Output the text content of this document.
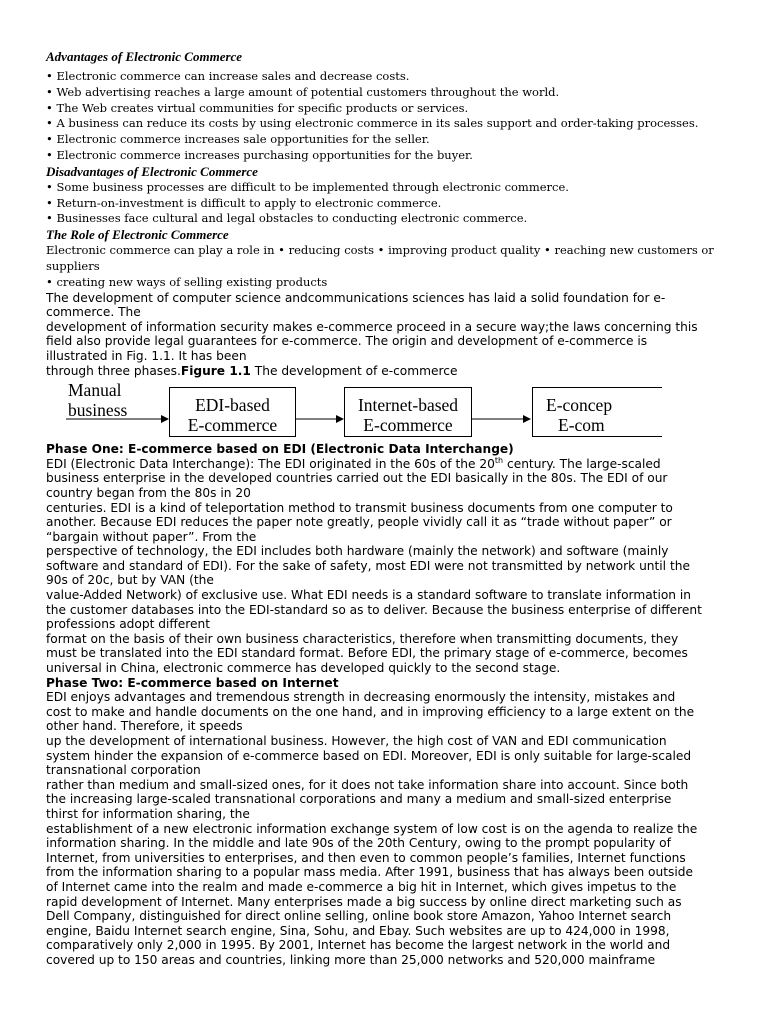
Advantages of Electronic Commerce

• Electronic commerce can increase sales and decrease costs.

• Web advertising reaches a large amount of potential customers throughout the world.

• The Web creates virtual communities for specific products or services.

• A business can reduce its costs by using electronic commerce in its sales support and order-taking processes.

• Electronic commerce increases sale opportunities for the seller.

• Electronic commerce increases purchasing opportunities for the buyer.

Disadvantages of Electronic Commerce

• Some business processes are difficult to be implemented through electronic commerce.

• Return-on-investment is difficult to apply to electronic commerce.

• Businesses face cultural and legal obstacles to conducting electronic commerce.

The Role of Electronic Commerce

Electronic commerce can play a role in • reducing costs • improving product quality • reaching new customers or suppliers

• creating new ways of selling existing products

The development of computer science andcommunications sciences has laid a solid foundation for e-

commerce. The

development of information security makes e-commerce proceed in a secure way;the laws concerning this

field also provide legal guarantees for e-commerce. The origin and development of e-commerce is

illustrated in Fig. 1.1. It has been

through three phases.Figure 1.1 The development of e-commerce

Manual
business	EDI-based
E-commerce
Internet-based
E-commerce
E-concep
E-com

Phase One: E-commerce based on EDI (Electronic Data Interchange)

EDI (Electronic Data Interchange): The EDI originated in the 60s of the 20th century. The large-scaled

business enterprise in the developed countries carried out the EDI basically in the 80s. The EDI of our

country began from the 80s in 20

centuries. EDI is a kind of teleportation method to transmit business documents from one computer to

another. Because EDI reduces the paper note greatly, people vividly call it as “trade without paper” or

“bargain without paper”. From the

perspective of technology, the EDI includes both hardware (mainly the network) and software (mainly

software and standard of EDI). For the sake of safety, most EDI were not transmitted by network until the

90s of 20c, but by VAN (the

value-Added Network) of exclusive use. What EDI needs is a standard software to translate information in

the customer databases into the EDI-standard so as to deliver. Because the business enterprise of different

professions adopt different

format on the basis of their own business characteristics, therefore when transmitting documents, they

must be translated into the EDI standard format. Before EDI, the primary stage of e-commerce, becomes

universal in China, electronic commerce has developed quickly to the second stage.

Phase Two: E-commerce based on Internet

EDI enjoys advantages and tremendous strength in decreasing enormously the intensity, mistakes and

cost to make and handle documents on the one hand, and in improving efficiency to a large extent on the

other hand. Therefore, it speeds

up the development of international business. However, the high cost of VAN and EDI communication

system hinder the expansion of e-commerce based on EDI. Moreover, EDI is only suitable for large-scaled

transnational corporation

rather than medium and small-sized ones, for it does not take information share into account. Since both

the increasing large-scaled transnational corporations and many a medium and small-sized enterprise

thirst for information sharing, the

establishment of a new electronic information exchange system of low cost is on the agenda to realize the

information sharing. In the middle and late 90s of the 20th Century, owing to the prompt popularity of

Internet, from universities to enterprises, and then even to common people’s families, Internet functions

from the information sharing to a popular mass media. After 1991, business that has always been outside

of Internet came into the realm and made e-commerce a big hit in Internet, which gives impetus to the

rapid development of Internet. Many enterprises made a big success by online direct marketing such as

Dell Company, distinguished for direct online selling, online book store Amazon, Yahoo Internet search

engine, Baidu Internet search engine, Sina, Sohu, and Ebay. Such websites are up to 424,000 in 1998,

comparatively only 2,000 in 1995. By 2001, Internet has become the largest network in the world and

covered up to 150 areas and countries, linking more than 25,000 networks and 520,000 mainframe
